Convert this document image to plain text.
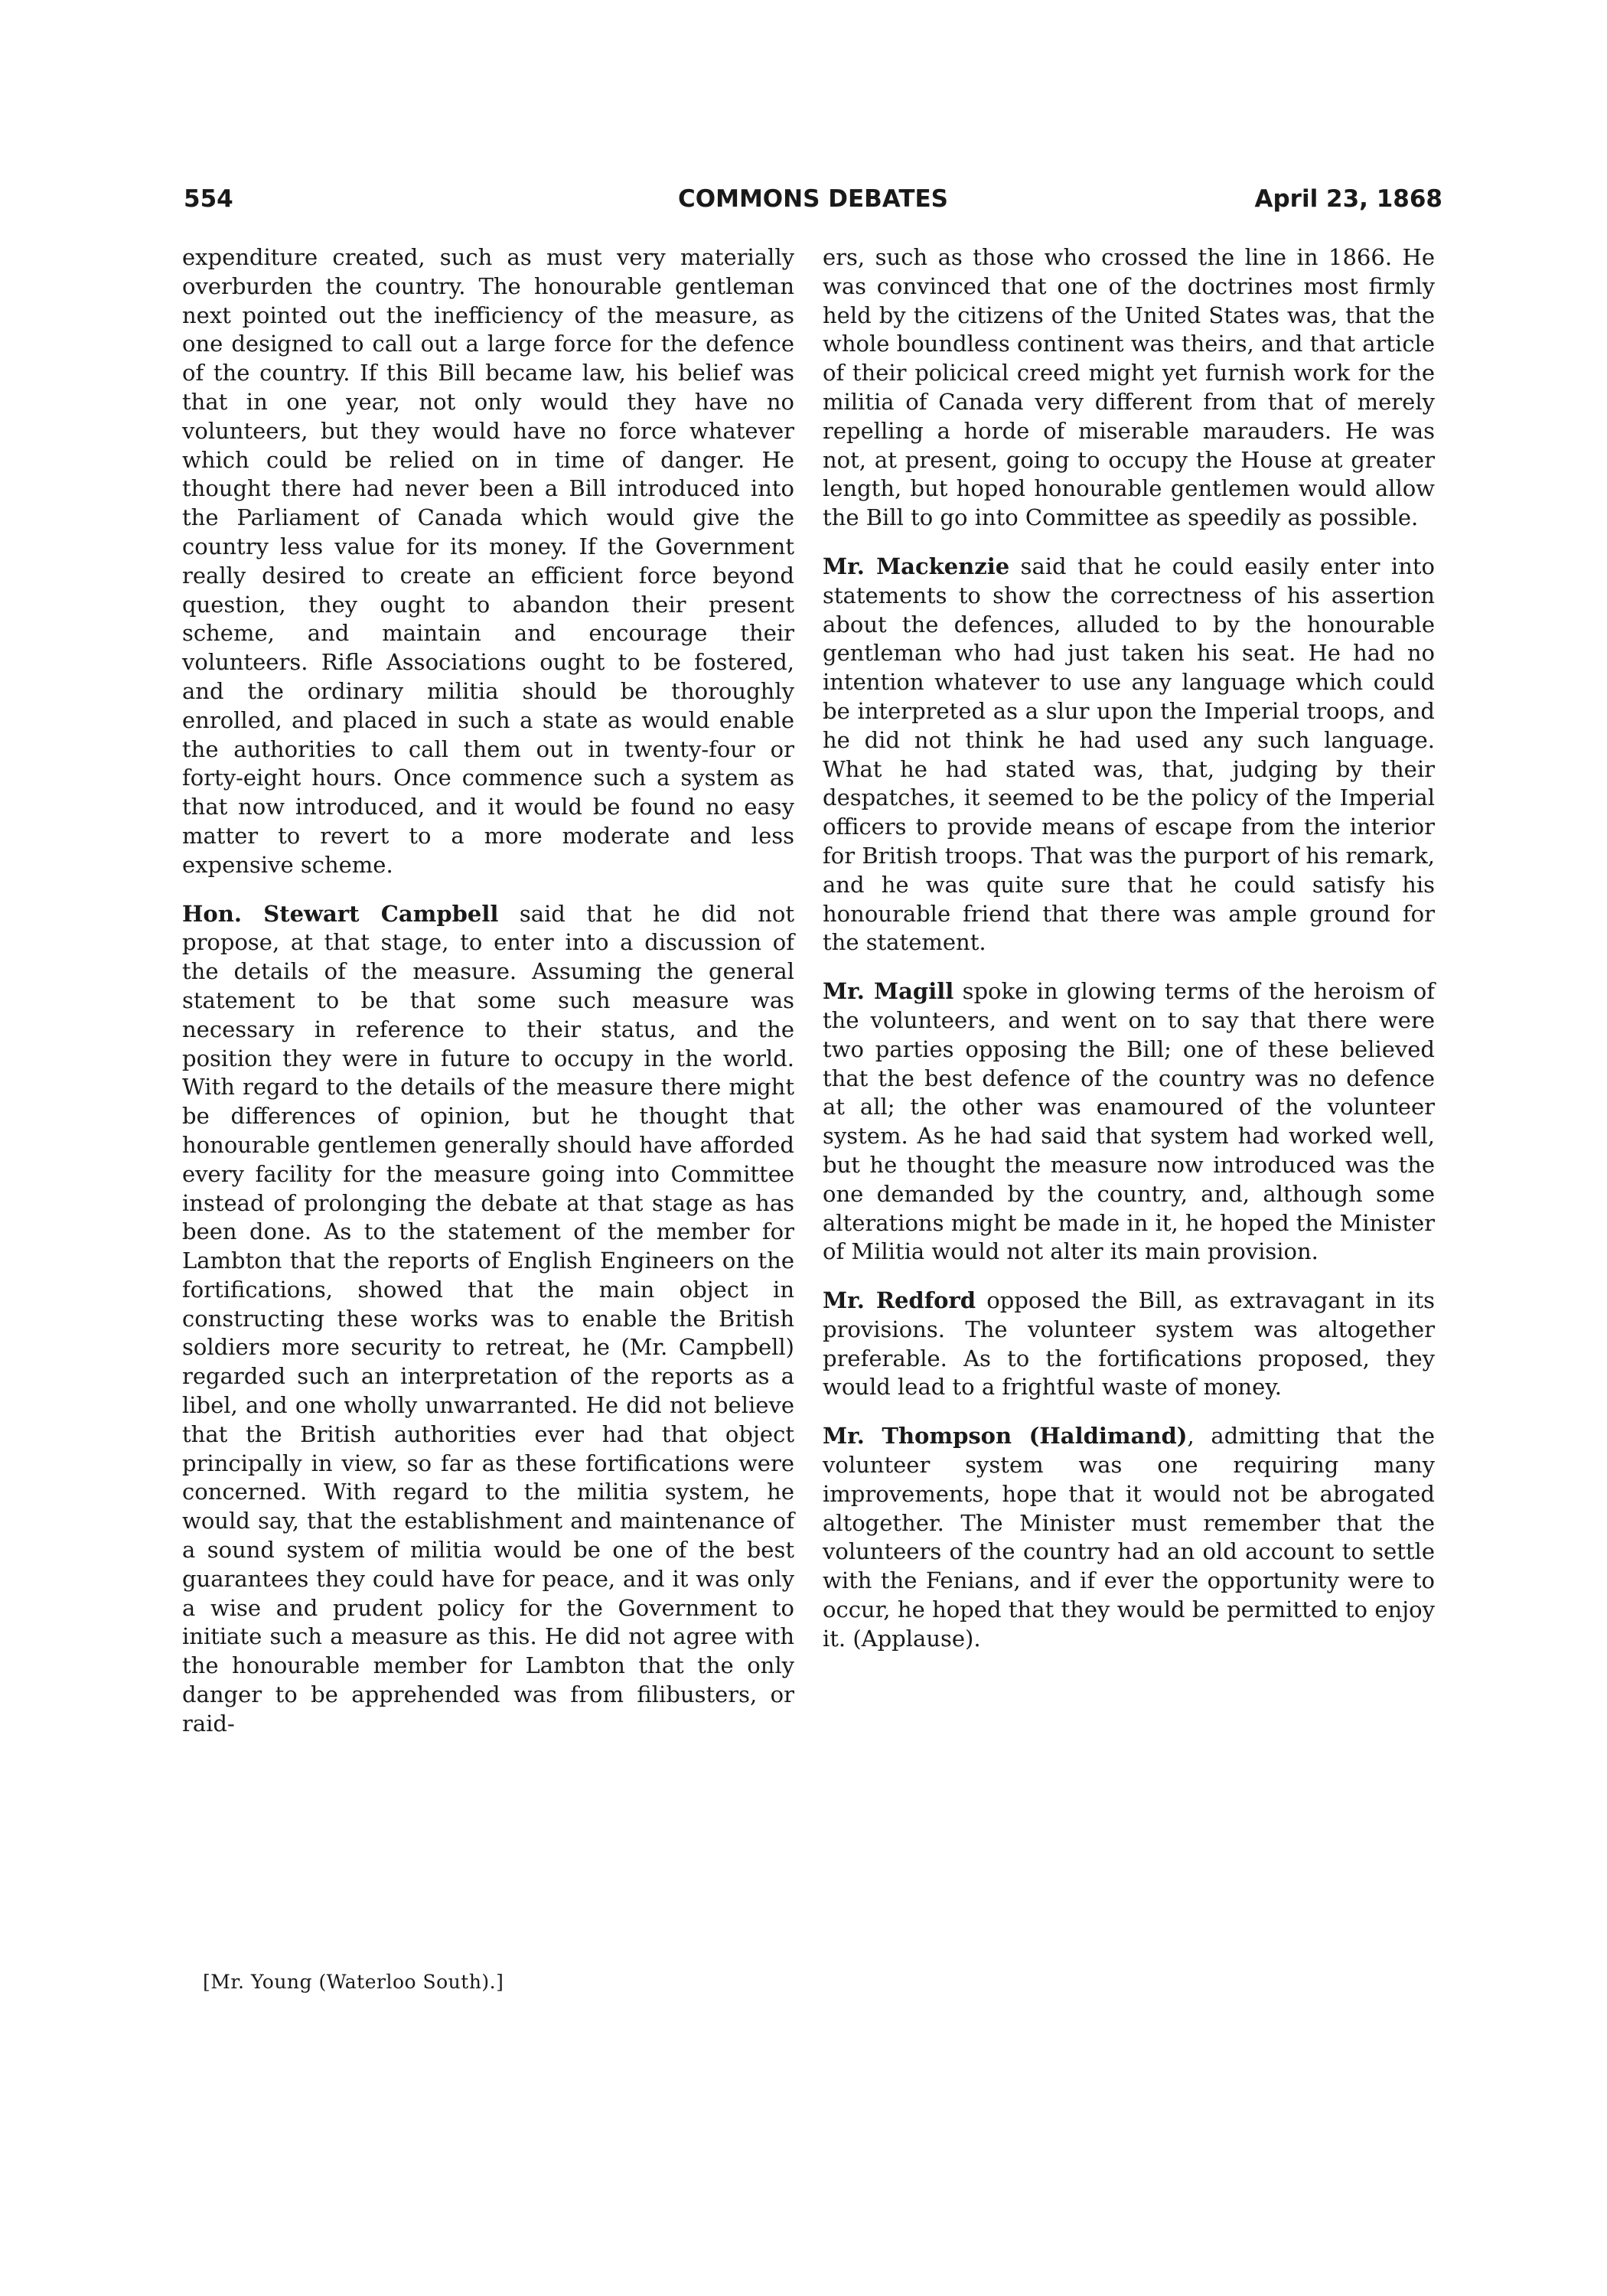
554	COMMONS DEBATES	April 23, 1868

expenditure created, such as must very materially overburden the country. The honourable gentleman next pointed out the inefficiency of the measure, as one designed to call out a large force for the defence of the country. If this Bill became law, his belief was that in one year, not only would they have no volunteers, but they would have no force whatever which could be relied on in time of danger. He thought there had never been a Bill introduced into the Parliament of Canada which would give the country less value for its money. If the Government really desired to create an efficient force beyond question, they ought to abandon their present scheme, and maintain and encourage their volunteers. Rifle Associations ought to be fostered, and the ordinary militia should be thoroughly enrolled, and placed in such a state as would enable the authorities to call them out in twenty-four or forty-eight hours. Once commence such a system as that now introduced, and it would be found no easy matter to revert to a more moderate and less expensive scheme.

Hon. Stewart Campbell said that he did not propose, at that stage, to enter into a discussion of the details of the measure. Assuming the general statement to be that some such measure was necessary in reference to their status, and the position they were in future to occupy in the world. With regard to the details of the measure there might be differences of opinion, but he thought that honourable gentlemen generally should have afforded every facility for the measure going into Committee instead of prolonging the debate at that stage as has been done. As to the statement of the member for Lambton that the reports of English Engineers on the fortifications, showed that the main object in constructing these works was to enable the British soldiers more security to retreat, he (Mr. Campbell) regarded such an interpretation of the reports as a libel, and one wholly unwarranted. He did not believe that the British authorities ever had that object principally in view, so far as these fortifications were concerned. With regard to the militia system, he would say, that the establishment and maintenance of a sound system of militia would be one of the best guarantees they could have for peace, and it was only a wise and prudent policy for the Government to initiate such a measure as this. He did not agree with the honourable member for Lambton that the only danger to be apprehended was from filibusters, or raid-

ers, such as those who crossed the line in 1866. He was convinced that one of the doctrines most firmly held by the citizens of the United States was, that the whole boundless continent was theirs, and that article of their policical creed might yet furnish work for the militia of Canada very different from that of merely repelling a horde of miserable marauders. He was not, at present, going to occupy the House at greater length, but hoped honourable gentlemen would allow the Bill to go into Committee as speedily as possible.

Mr. Mackenzie said that he could easily enter into statements to show the correctness of his assertion about the defences, alluded to by the honourable gentleman who had just taken his seat. He had no intention whatever to use any language which could be interpreted as a slur upon the Imperial troops, and he did not think he had used any such language. What he had stated was, that, judging by their despatches, it seemed to be the policy of the Imperial officers to provide means of escape from the interior for British troops. That was the purport of his remark, and he was quite sure that he could satisfy his honourable friend that there was ample ground for the statement.

Mr. Magill spoke in glowing terms of the heroism of the volunteers, and went on to say that there were two parties opposing the Bill; one of these believed that the best defence of the country was no defence at all; the other was enamoured of the volunteer system. As he had said that system had worked well, but he thought the measure now introduced was the one demanded by the country, and, although some alterations might be made in it, he hoped the Minister of Militia would not alter its main provision.

Mr. Redford opposed the Bill, as extravagant in its provisions. The volunteer system was altogether preferable. As to the fortifications proposed, they would lead to a frightful waste of money.

Mr. Thompson (Haldimand), admitting that the volunteer system was one requiring many improvements, hope that it would not be abrogated altogether. The Minister must remember that the volunteers of the country had an old account to settle with the Fenians, and if ever the opportunity were to occur, he hoped that they would be permitted to enjoy it. (Applause).

[Mr. Young (Waterloo South).]
